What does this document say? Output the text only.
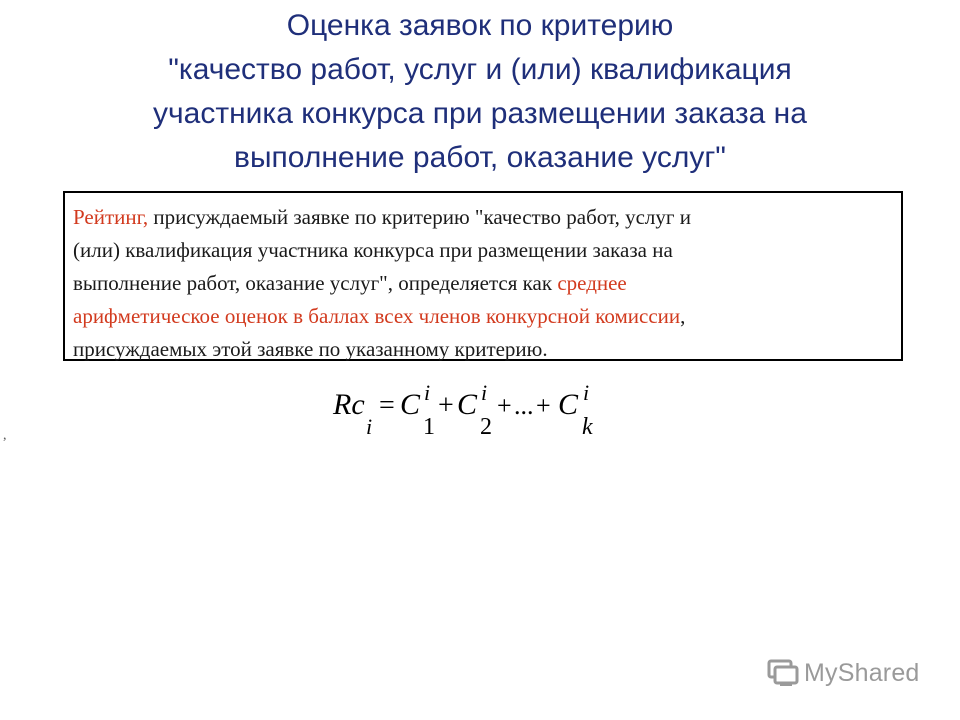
Оценка заявок по критерию
"качество работ, услуг и (или) квалификация
участника конкурса при размещении заказа на
выполнение работ, оказание услуг"
Рейтинг, присуждаемый заявке по критерию "качество работ, услуг и
(или) квалификация участника конкурса при размещении заказа на
выполнение работ, оказание услуг", определяется как среднее
арифметическое оценок в баллах всех членов конкурсной комиссии,
присуждаемых этой заявке по указанному критерию.
Rc
i
= C i
1
+ C i
2
+ ... + C i
k
,
MyShared
